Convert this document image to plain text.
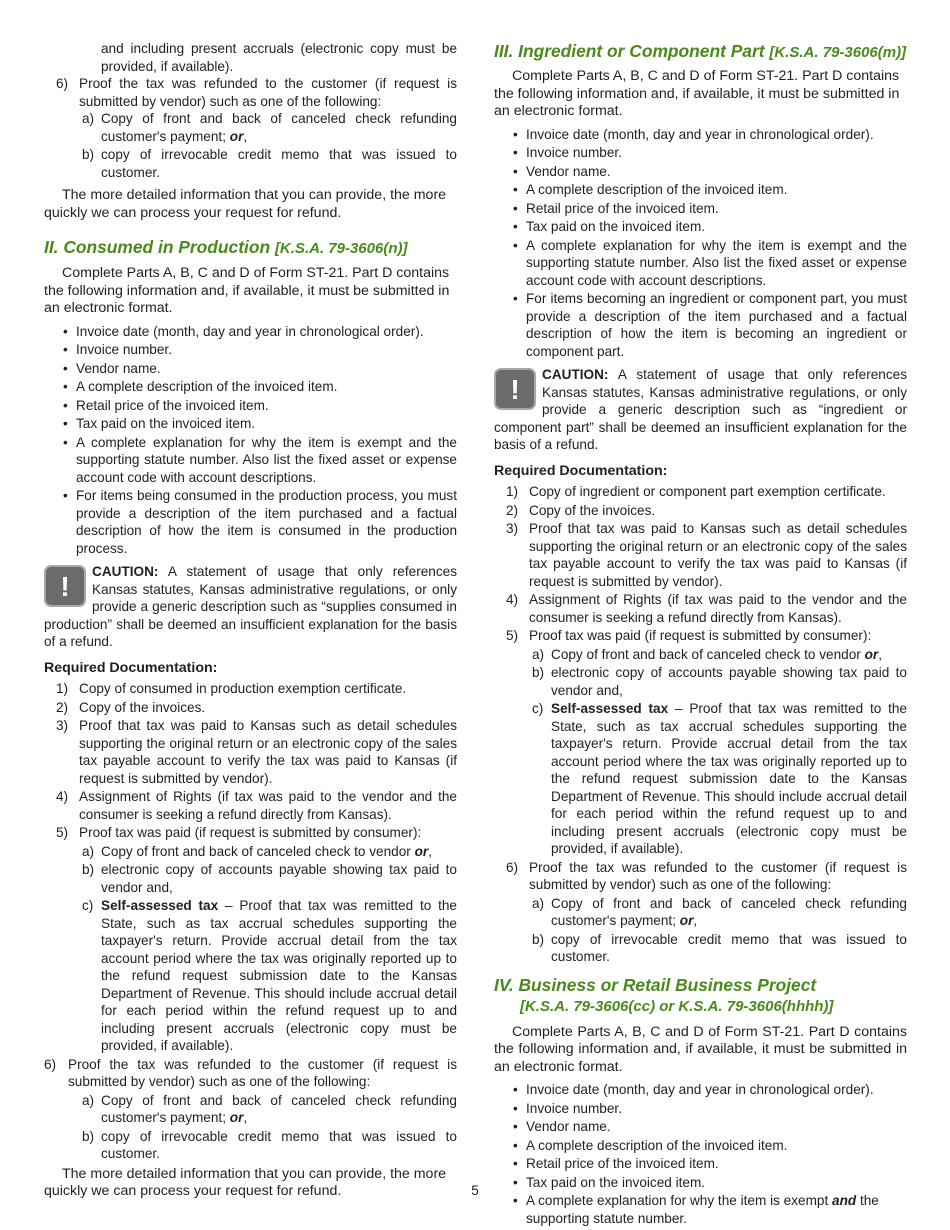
and including present accruals (electronic copy must be provided, if available).
6) Proof the tax was refunded to the customer (if request is submitted by vendor) such as one of the following:
a) Copy of front and back of canceled check refunding customer's payment; or,
b) copy of irrevocable credit memo that was issued to customer.

The more detailed information that you can provide, the more quickly we can process your request for refund.

II. Consumed in Production [K.S.A. 79-3606(n)]

Complete Parts A, B, C and D of Form ST-21. Part D contains the following information and, if available, it must be submitted in an electronic format.

• Invoice date (month, day and year in chronological order).
• Invoice number.
• Vendor name.
• A complete description of the invoiced item.
• Retail price of the invoiced item.
• Tax paid on the invoiced item.
• A complete explanation for why the item is exempt and the supporting statute number. Also list the fixed asset or expense account code with account descriptions.
• For items being consumed in the production process, you must provide a description of the item purchased and a factual description of how the item is consumed in the production process.
!	CAUTION: A statement of usage that only references Kansas statutes, Kansas administrative regulations, or only provide a generic description such as “supplies consumed in production” shall be deemed an insufficient explanation for the basis of a refund.

Required Documentation:

1) Copy of consumed in production exemption certificate.
2) Copy of the invoices.
3) Proof that tax was paid to Kansas such as detail schedules supporting the original return or an electronic copy of the sales tax payable account to verify the tax was paid to Kansas (if request is submitted by vendor).
4) Assignment of Rights (if tax was paid to the vendor and the consumer is seeking a refund directly from Kansas).
5) Proof tax was paid (if request is submitted by consumer):
a) Copy of front and back of canceled check to vendor or,
b) electronic copy of accounts payable showing tax paid to vendor and,
c) Self-assessed tax – Proof that tax was remitted to the State, such as tax accrual schedules supporting the taxpayer's return. Provide accrual detail from the tax account period where the tax was originally reported up to the refund request submission date to the Kansas Department of Revenue. This should include accrual detail for each period within the refund request up to and including present accruals (electronic copy must be provided, if available).
6) Proof the tax was refunded to the customer (if request is submitted by vendor) such as one of the following:
a) Copy of front and back of canceled check refunding customer's payment; or,
b) copy of irrevocable credit memo that was issued to customer.

The more detailed information that you can provide, the more quickly we can process your request for refund.

III. Ingredient or Component Part [K.S.A. 79-3606(m)]

Complete Parts A, B, C and D of Form ST-21. Part D contains the following information and, if available, it must be submitted in an electronic format.

• Invoice date (month, day and year in chronological order).
• Invoice number.
• Vendor name.
• A complete description of the invoiced item.
• Retail price of the invoiced item.
• Tax paid on the invoiced item.
• A complete explanation for why the item is exempt and the supporting statute number. Also list the fixed asset or expense account code with account descriptions.
• For items becoming an ingredient or component part, you must provide a description of the item purchased and a factual description of how the item is becoming an ingredient or component part.
!	CAUTION: A statement of usage that only references Kansas statutes, Kansas administrative regulations, or only provide a generic description such as “ingredient or component part” shall be deemed an insufficient explanation for the basis of a refund.

Required Documentation:

1) Copy of ingredient or component part exemption certificate.
2) Copy of the invoices.
3) Proof that tax was paid to Kansas such as detail schedules supporting the original return or an electronic copy of the sales tax payable account to verify the tax was paid to Kansas (if request is submitted by vendor).
4) Assignment of Rights (if tax was paid to the vendor and the consumer is seeking a refund directly from Kansas).
5) Proof tax was paid (if request is submitted by consumer):
a) Copy of front and back of canceled check to vendor or,
b) electronic copy of accounts payable showing tax paid to vendor and,
c) Self-assessed tax – Proof that tax was remitted to the State, such as tax accrual schedules supporting the taxpayer's return. Provide accrual detail from the tax account period where the tax was originally reported up to the refund request submission date to the Kansas Department of Revenue. This should include accrual detail for each period within the refund request up to and including present accruals (electronic copy must be provided, if available).
6) Proof the tax was refunded to the customer (if request is submitted by vendor) such as one of the following:
a) Copy of front and back of canceled check refunding customer's payment; or,
b) copy of irrevocable credit memo that was issued to customer.
IV. Business or Retail Business Project
[K.S.A. 79-3606(cc) or K.S.A. 79-3606(hhhh)]

Complete Parts A, B, C and D of Form ST-21. Part D contains the following information and, if available, it must be submitted in an electronic format.

• Invoice date (month, day and year in chronological order).
• Invoice number.
• Vendor name.
• A complete description of the invoiced item.
• Retail price of the invoiced item.
• Tax paid on the invoiced item.
• A complete explanation for why the item is exempt and the supporting statute number.
5
